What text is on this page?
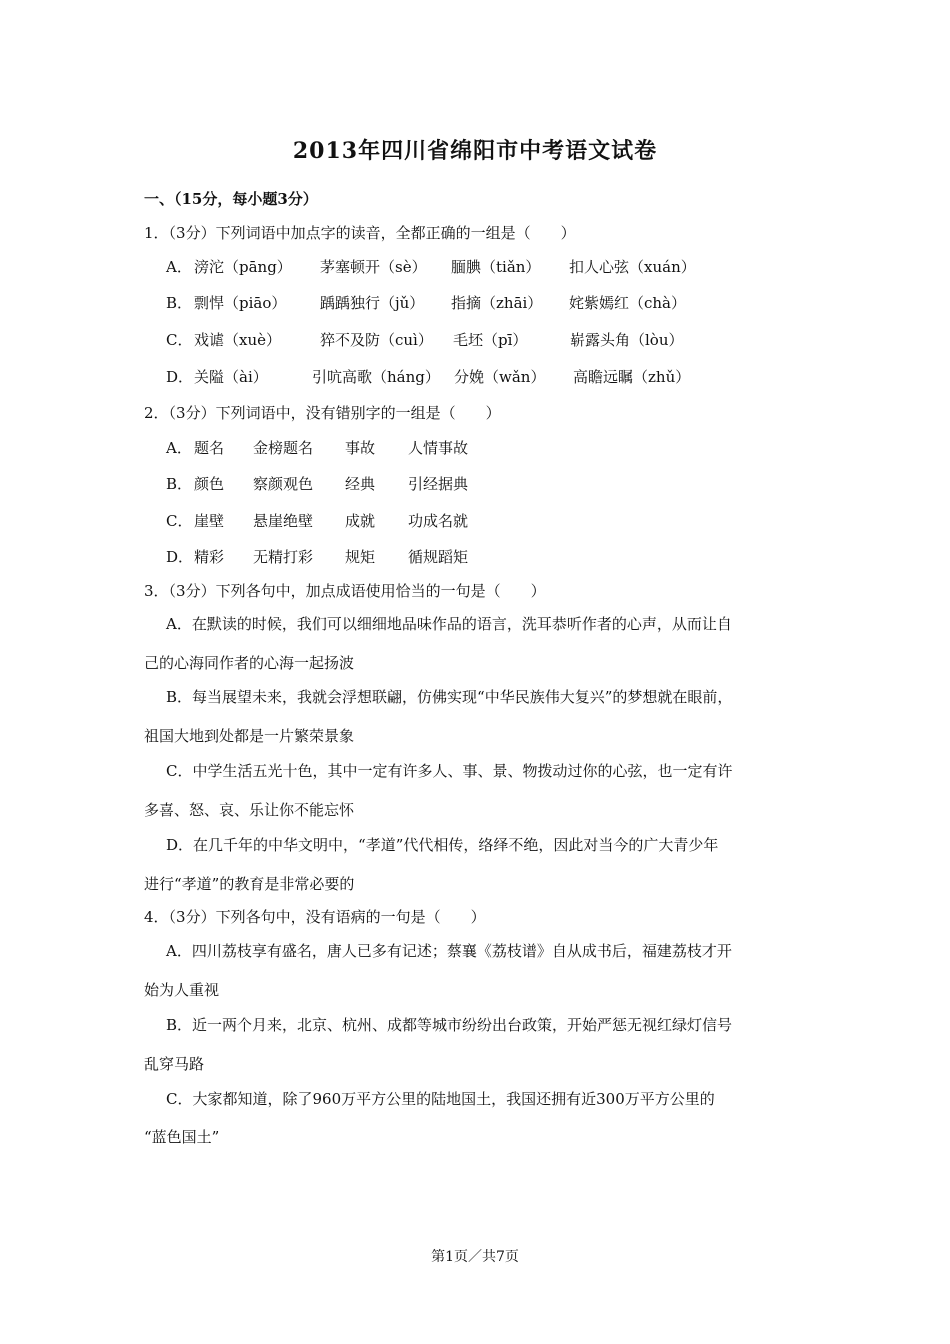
2013年四川省绵阳市中考语文试卷
一、（15分，每小题3分）
1．（3分）下列词语中加点字的读音，全都正确的一组是（　　）
A． 滂沱（pāng） 茅塞顿开（sè） 腼腆（tiǎn） 扣人心弦（xuán）
B． 剽悍（piāo） 踽踽独行（jǔ） 指摘（zhāi） 姹紫嫣红（chà）
C． 戏谑（xuè）	猝不及防（cuì） 毛坯（pī）	崭露头角（lòu）
D． 关隘（ài）	引吭高歌（háng） 分娩（wǎn） 高瞻远瞩（zhǔ）
2．（3分）下列词语中，没有错别字的一组是（　　）
A． 题名 金榜题名 事故 人情事故
B． 颜色 察颜观色 经典 引经据典
C． 崖壁 悬崖绝壁 成就 功成名就
D． 精彩 无精打彩 规矩 循规蹈矩
3．（3分）下列各句中，加点成语使用恰当的一句是（　　）
A．在默读的时候，我们可以细细地品味作品的语言，洗耳恭听作者的心声，从而让自
己的心海同作者的心海一起扬波
B．每当展望未来，我就会浮想联翩，仿佛实现“中华民族伟大复兴”的梦想就在眼前，
祖国大地到处都是一片繁荣景象
C．中学生活五光十色，其中一定有许多人、事、景、物拨动过你的心弦，也一定有许
多喜、怒、哀、乐让你不能忘怀
D．在几千年的中华文明中，“孝道”代代相传，络绎不绝，因此对当今的广大青少年
进行“孝道”的教育是非常必要的
4．（3分）下列各句中，没有语病的一句是（　　）
A．四川荔枝享有盛名，唐人已多有记述；蔡襄《荔枝谱》自从成书后，福建荔枝才开
始为人重视
B．近一两个月来，北京、杭州、成都等城市纷纷出台政策，开始严惩无视红绿灯信号
乱穿马路
C．大家都知道，除了960万平方公里的陆地国土，我国还拥有近300万平方公里的
“蓝色国土”
第1页／共7页
